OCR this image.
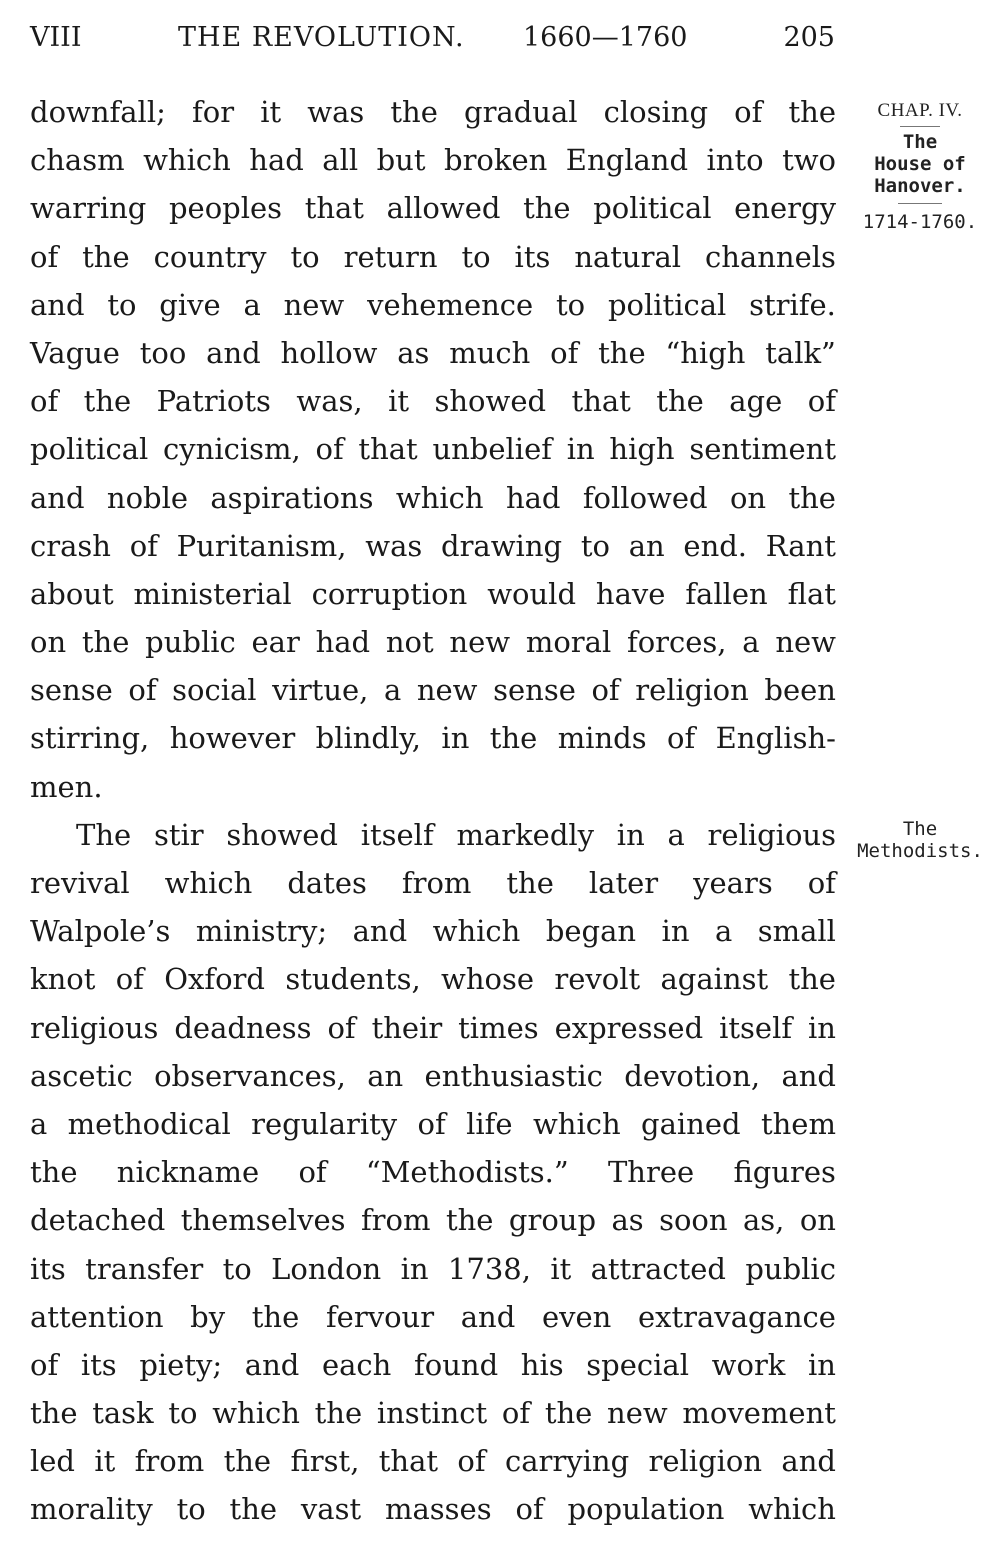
VIII	THE REVOLUTION. 1660—1760	205
downfall; for it was the gradual closing of the
chasm which had all but broken England into two
warring peoples that allowed the political energy
of the country to return to its natural channels
and to give a new vehemence to political strife.
Vague too and hollow as much of the “high talk”
of the Patriots was, it showed that the age of
political cynicism, of that unbelief in high sentiment
and noble aspirations which had followed on the
crash of Puritanism, was drawing to an end. Rant
about ministerial corruption would have fallen flat
on the public ear had not new moral forces, a new
sense of social virtue, a new sense of religion been
stirring, however blindly, in the minds of English-
men.
The stir showed itself markedly in a religious
revival which dates from the later years of
Walpole’s ministry; and which began in a small
knot of Oxford students, whose revolt against the
religious deadness of their times expressed itself in
ascetic observances, an enthusiastic devotion, and
a methodical regularity of life which gained them
the nickname of “Methodists.” Three figures
detached themselves from the group as soon as, on
its transfer to London in 1738, it attracted public
attention by the fervour and even extravagance
of its piety; and each found his special work in
the task to which the instinct of the new movement
led it from the first, that of carrying religion and
morality to the vast masses of population which
CHAP. IV.
The
House of
Hanover.
1714-1760.
The
Methodists.
